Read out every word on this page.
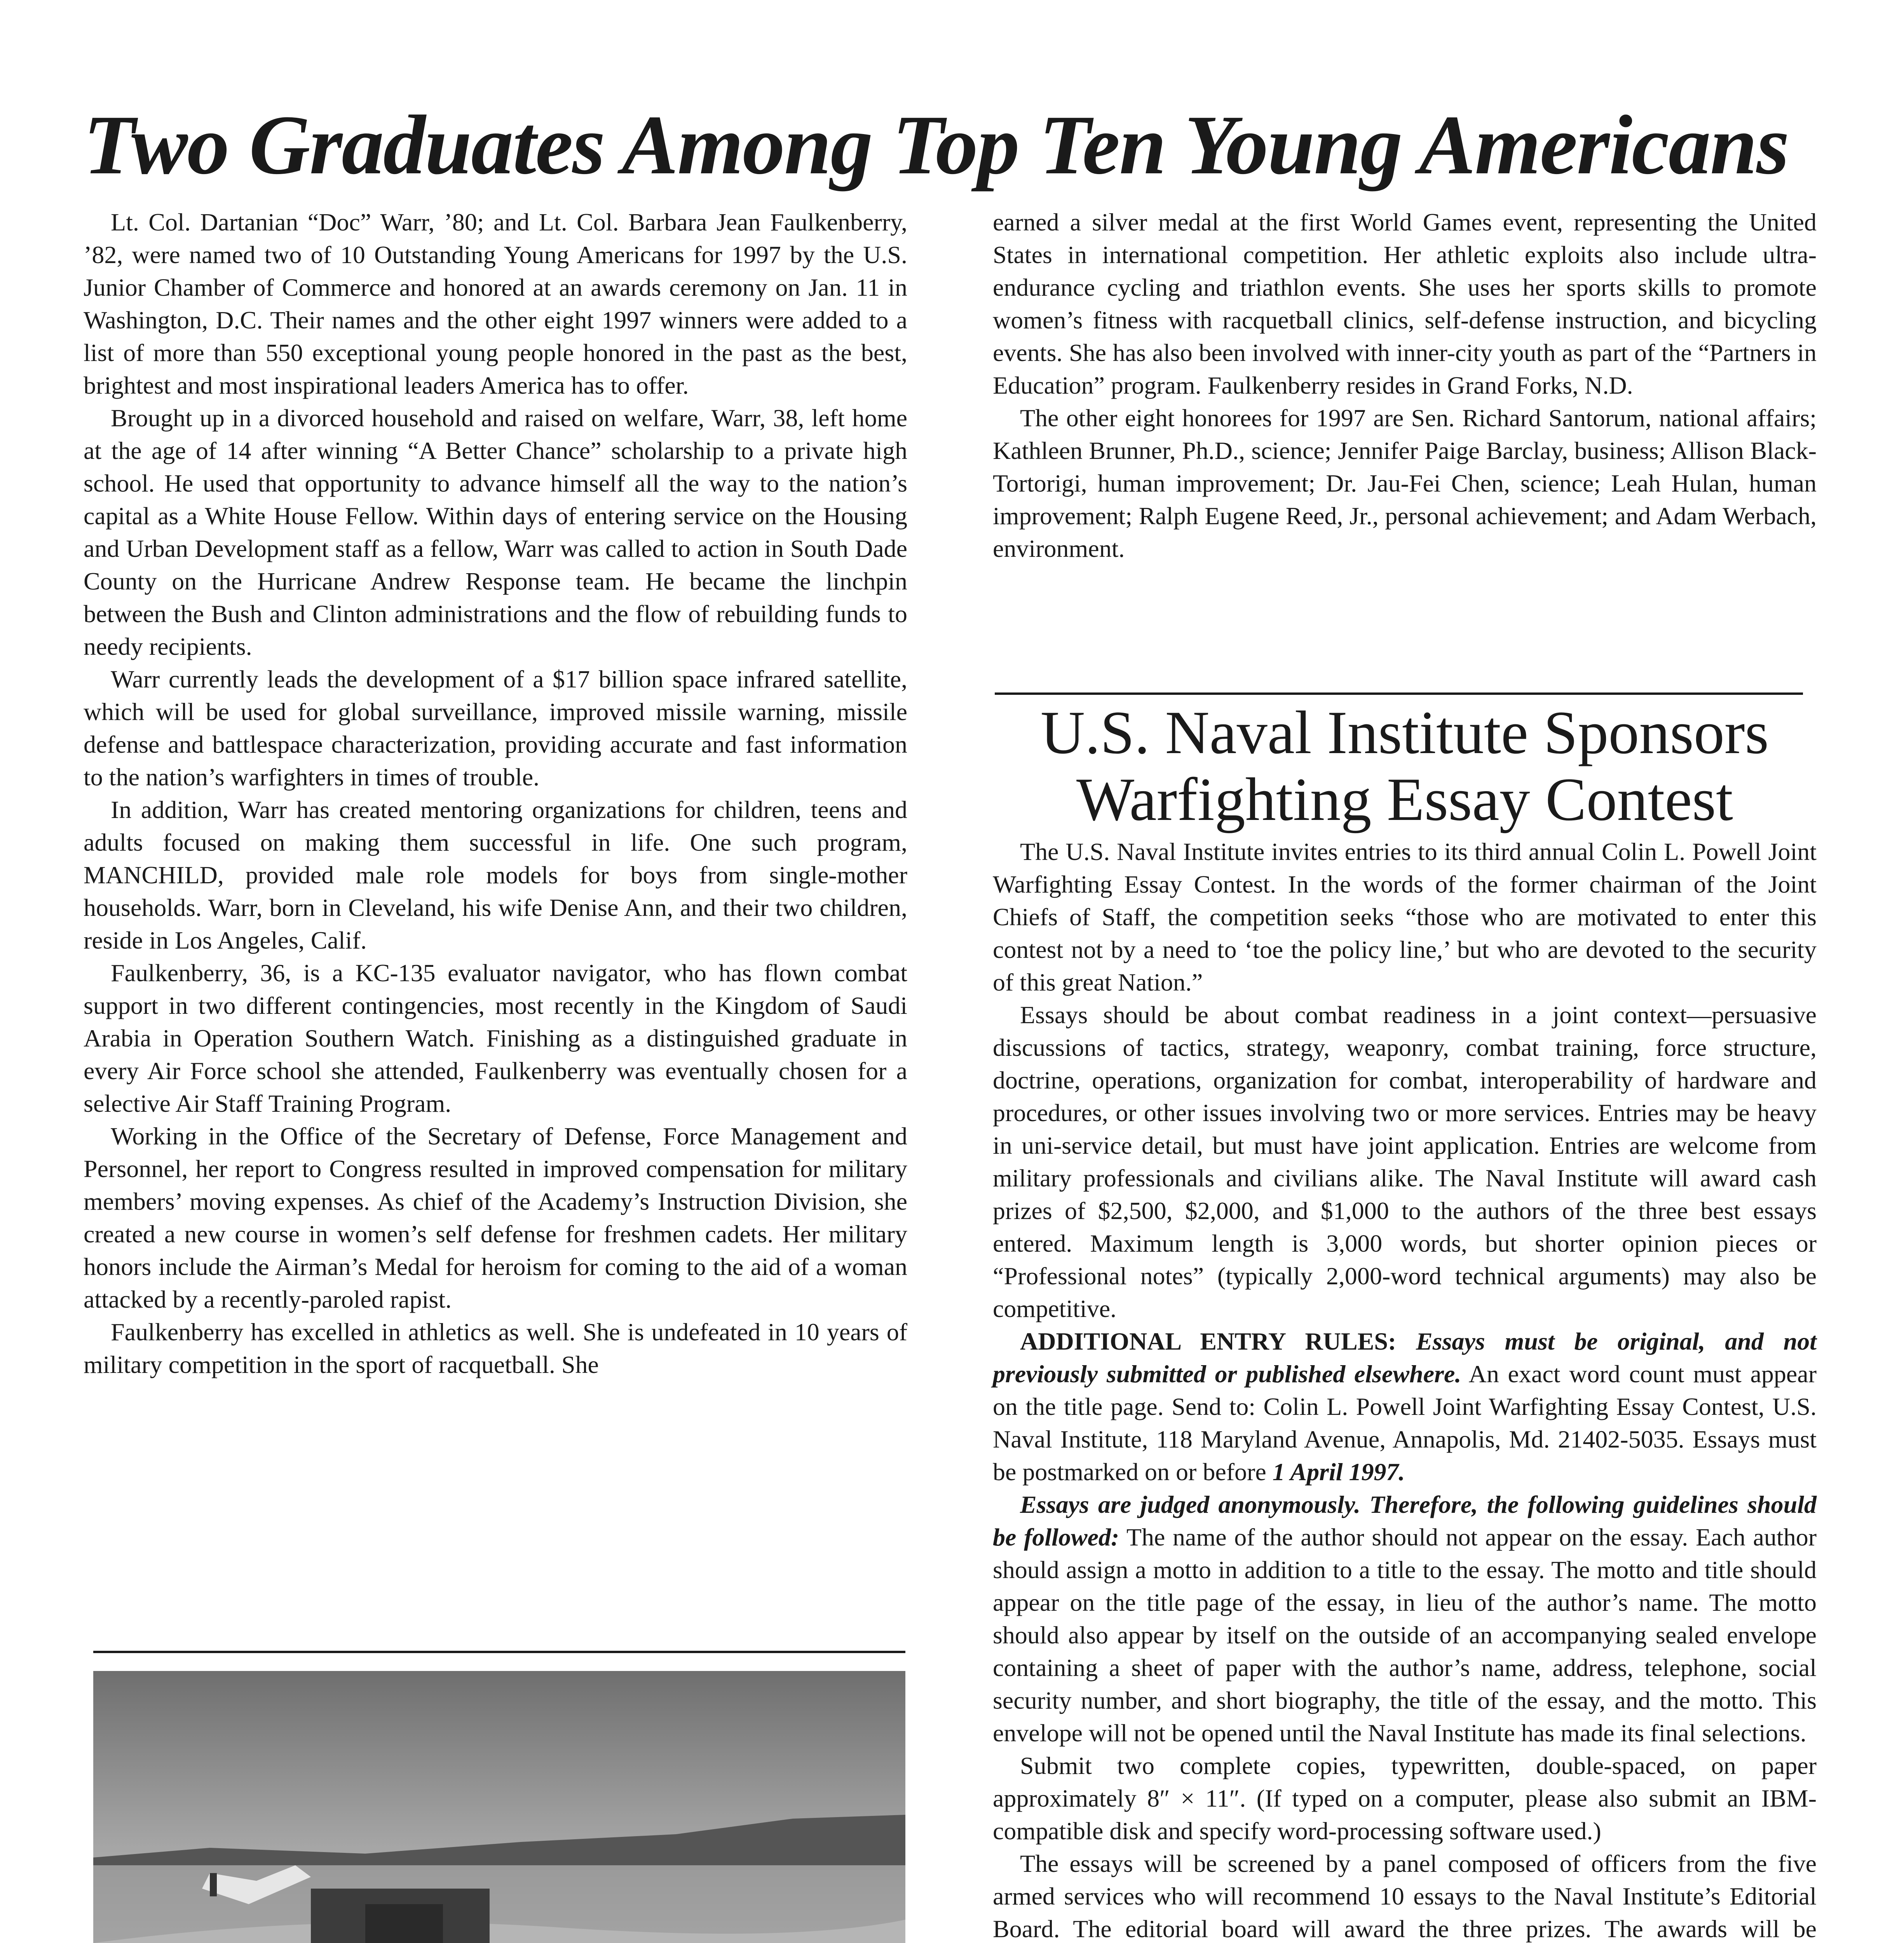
Two Graduates Among Top Ten Young Americans

Lt. Col. Dartanian “Doc” Warr, ’80; and Lt. Col. Barbara Jean Faulkenberry, ’82, were named two of 10 Outstanding Young Americans for 1997 by the U.S. Junior Chamber of Commerce and honored at an awards ceremony on Jan. 11 in Washington, D.C. Their names and the other eight 1997 winners were added to a list of more than 550 exceptional young people honored in the past as the best, brightest and most inspirational leaders America has to offer.

Brought up in a divorced household and raised on welfare, Warr, 38, left home at the age of 14 after winning “A Better Chance” scholarship to a private high school. He used that opportunity to advance himself all the way to the nation’s capital as a White House Fellow. Within days of entering service on the Housing and Urban Development staff as a fellow, Warr was called to action in South Dade County on the Hurricane Andrew Response team. He became the linchpin between the Bush and Clinton administrations and the flow of rebuilding funds to needy recipients.

Warr currently leads the development of a $17 billion space infrared satellite, which will be used for global surveillance, improved missile warning, missile defense and battlespace characterization, providing accurate and fast information to the nation’s warfighters in times of trouble.

In addition, Warr has created mentoring organizations for children, teens and adults focused on making them successful in life. One such program, MANCHILD, provided male role models for boys from single-mother households. Warr, born in Cleveland, his wife Denise Ann, and their two children, reside in Los Angeles, Calif.

Faulkenberry, 36, is a KC-135 evaluator navigator, who has flown combat support in two different contingencies, most recently in the Kingdom of Saudi Arabia in Operation Southern Watch. Finishing as a distinguished graduate in every Air Force school she attended, Faulkenberry was eventually chosen for a selective Air Staff Training Program.

Working in the Office of the Secretary of Defense, Force Management and Personnel, her report to Congress resulted in improved compensation for military members’ moving expenses. As chief of the Academy’s Instruction Division, she created a new course in women’s self defense for freshmen cadets. Her military honors include the Airman’s Medal for heroism for coming to the aid of a woman attacked by a recently-paroled rapist.

Faulkenberry has excelled in athletics as well. She is undefeated in 10 years of military competition in the sport of racquetball. She

earned a silver medal at the first World Games event, representing the United States in international competition. Her athletic exploits also include ultra-endurance cycling and triathlon events. She uses her sports skills to promote women’s fitness with racquetball clinics, self-defense instruction, and bicycling events. She has also been involved with inner-city youth as part of the “Partners in Education” program. Faulkenberry resides in Grand Forks, N.D.

The other eight honorees for 1997 are Sen. Richard Santorum, national affairs; Kathleen Brunner, Ph.D., science; Jennifer Paige Barclay, business; Allison Black-Tortorigi, human improvement; Dr. Jau-Fei Chen, science; Leah Hulan, human improvement; Ralph Eugene Reed, Jr., personal achievement; and Adam Werbach, environment.

U.S. Naval Institute Sponsors Warfighting Essay Contest

The U.S. Naval Institute invites entries to its third annual Colin L. Powell Joint Warfighting Essay Contest. In the words of the former chairman of the Joint Chiefs of Staff, the competition seeks “those who are motivated to enter this contest not by a need to ‘toe the policy line,’ but who are devoted to the security of this great Nation.”

Essays should be about combat readiness in a joint context—persuasive discussions of tactics, strategy, weaponry, combat training, force structure, doctrine, operations, organization for combat, interoperability of hardware and procedures, or other issues involving two or more services. Entries may be heavy in uni-service detail, but must have joint application. Entries are welcome from military professionals and civilians alike. The Naval Institute will award cash prizes of $2,500, $2,000, and $1,000 to the authors of the three best essays entered. Maximum length is 3,000 words, but shorter opinion pieces or “Professional notes” (typically 2,000-word technical arguments) may also be competitive.

ADDITIONAL ENTRY RULES: Essays must be original, and not previously submitted or published elsewhere. An exact word count must appear on the title page. Send to: Colin L. Powell Joint Warfighting Essay Contest, U.S. Naval Institute, 118 Maryland Avenue, Annapolis, Md. 21402-5035. Essays must be postmarked on or before 1 April 1997.

Essays are judged anonymously. Therefore, the following guidelines should be followed: The name of the author should not appear on the essay. Each author should assign a motto in addition to a title to the essay. The motto and title should appear on the title page of the essay, in lieu of the author’s name. The motto should also appear by itself on the outside of an accompanying sealed envelope containing a sheet of paper with the author’s name, address, telephone, social security number, and short biography, the title of the essay, and the motto. This envelope will not be opened until the Naval Institute has made its final selections.

Submit two complete copies, typewritten, double-spaced, on paper approximately 8″ × 11″. (If typed on a computer, please also submit an IBM-compatible disk and specify word-processing software used.)

The essays will be screened by a panel composed of officers from the five armed services who will recommend 10 essays to the Naval Institute’s Editorial Board. The editorial board will award the three prizes. The awards will be
